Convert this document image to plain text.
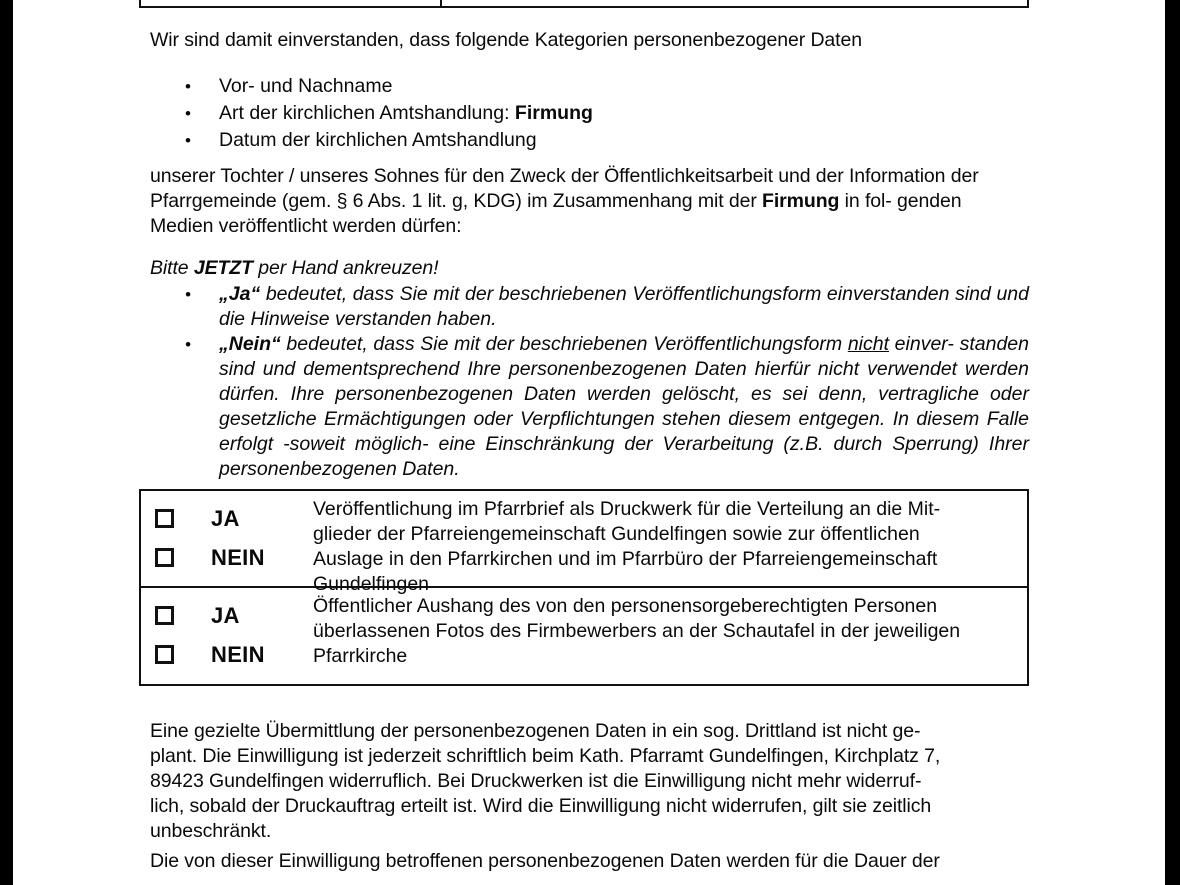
Wir sind damit einverstanden, dass folgende Kategorien personenbezogener Daten
• Vor- und Nachname
• Art der kirchlichen Amtshandlung: Firmung
• Datum der kirchlichen Amtshandlung
unserer Tochter / unseres Sohnes für den Zweck der Öffentlichkeitsarbeit und der Information der Pfarrgemeinde (gem. § 6 Abs. 1 lit. g, KDG) im Zusammenhang mit der Firmung in fol- genden Medien veröffentlicht werden dürfen:
Bitte JETZT per Hand ankreuzen!
• „Ja“ bedeutet, dass Sie mit der beschriebenen Veröffentlichungsform einverstanden sind und die Hinweise verstanden haben.
• „Nein“ bedeutet, dass Sie mit der beschriebenen Veröffentlichungsform nicht einver- standen sind und dementsprechend Ihre personenbezogenen Daten hierfür nicht verwendet werden dürfen. Ihre personenbezogenen Daten werden gelöscht, es sei denn, vertragliche oder gesetzliche Ermächtigungen oder Verpflichtungen stehen diesem entgegen. In diesem Falle erfolgt -soweit möglich- eine Einschränkung der Verarbeitung (z.B. durch Sperrung) Ihrer personenbezogenen Daten.
JA
NEIN
Veröffentlichung im Pfarrbrief als Druckwerk für die Verteilung an die Mit-
glieder der Pfarreiengemeinschaft Gundelfingen sowie zur öffentlichen
Auslage in den Pfarrkirchen und im Pfarrbüro der Pfarreiengemeinschaft
Gundelfingen
JA
NEIN
Öffentlicher Aushang des von den personensorgeberechtigten Personen
überlassenen Fotos des Firmbewerbers an der Schautafel in der jeweiligen
Pfarrkirche
Eine gezielte Übermittlung der personenbezogenen Daten in ein sog. Drittland ist nicht ge-
plant. Die Einwilligung ist jederzeit schriftlich beim Kath. Pfarramt Gundelfingen, Kirchplatz 7,
89423 Gundelfingen widerruflich. Bei Druckwerken ist die Einwilligung nicht mehr widerruf-
lich, sobald der Druckauftrag erteilt ist. Wird die Einwilligung nicht widerrufen, gilt sie zeitlich
unbeschränkt.
Die von dieser Einwilligung betroffenen personenbezogenen Daten werden für die Dauer der
